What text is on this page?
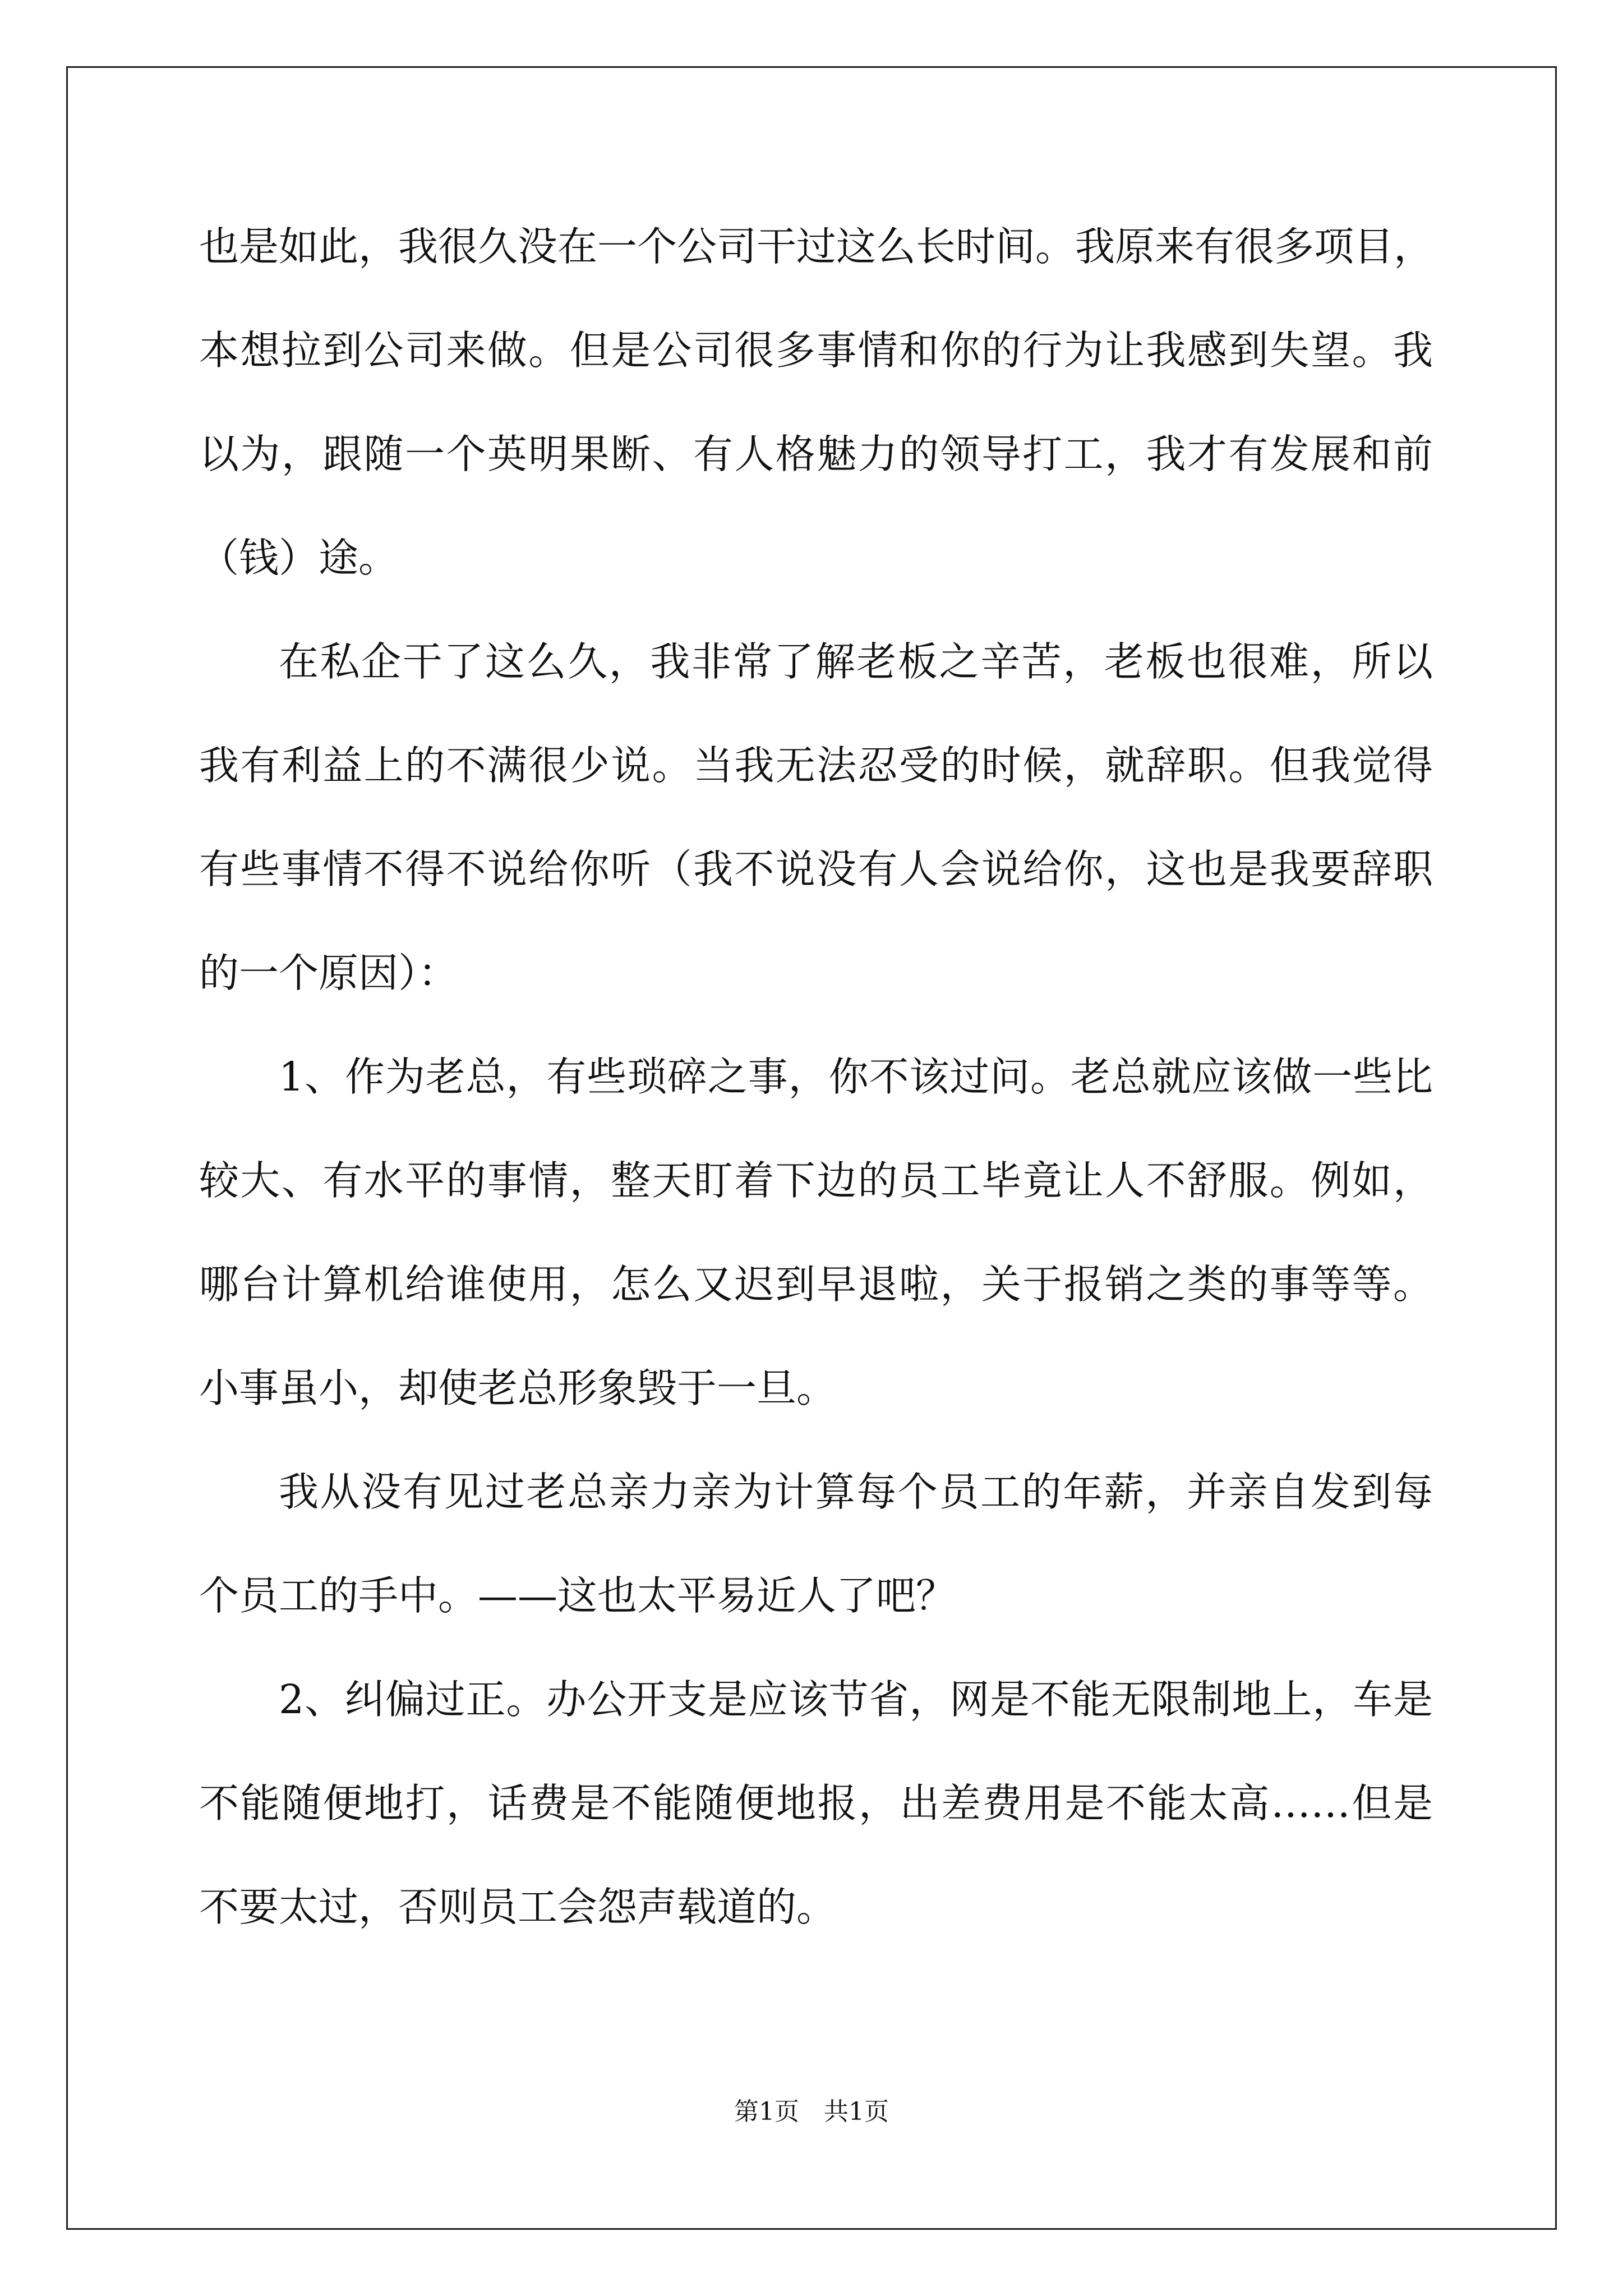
也是如此，我很久没在一个公司干过这么长时间。我原来有很多项目，
本想拉到公司来做。但是公司很多事情和你的行为让我感到失望。我
以为，跟随一个英明果断、有人格魅力的领导打工，我才有发展和前
（钱）途。
在私企干了这么久，我非常了解老板之辛苦，老板也很难，所以
我有利益上的不满很少说。当我无法忍受的时候，就辞职。但我觉得
有些事情不得不说给你听（我不说没有人会说给你，这也是我要辞职
的一个原因）：
1、作为老总，有些琐碎之事，你不该过问。老总就应该做一些比
较大、有水平的事情，整天盯着下边的员工毕竟让人不舒服。例如，
哪台计算机给谁使用，怎么又迟到早退啦，关于报销之类的事等等。
小事虽小，却使老总形象毁于一旦。
我从没有见过老总亲力亲为计算每个员工的年薪，并亲自发到每
个员工的手中。——这也太平易近人了吧？
2、纠偏过正。办公开支是应该节省，网是不能无限制地上，车是
不能随便地打，话费是不能随便地报，出差费用是不能太高……但是
不要太过，否则员工会怨声载道的。
第1页 共1页
